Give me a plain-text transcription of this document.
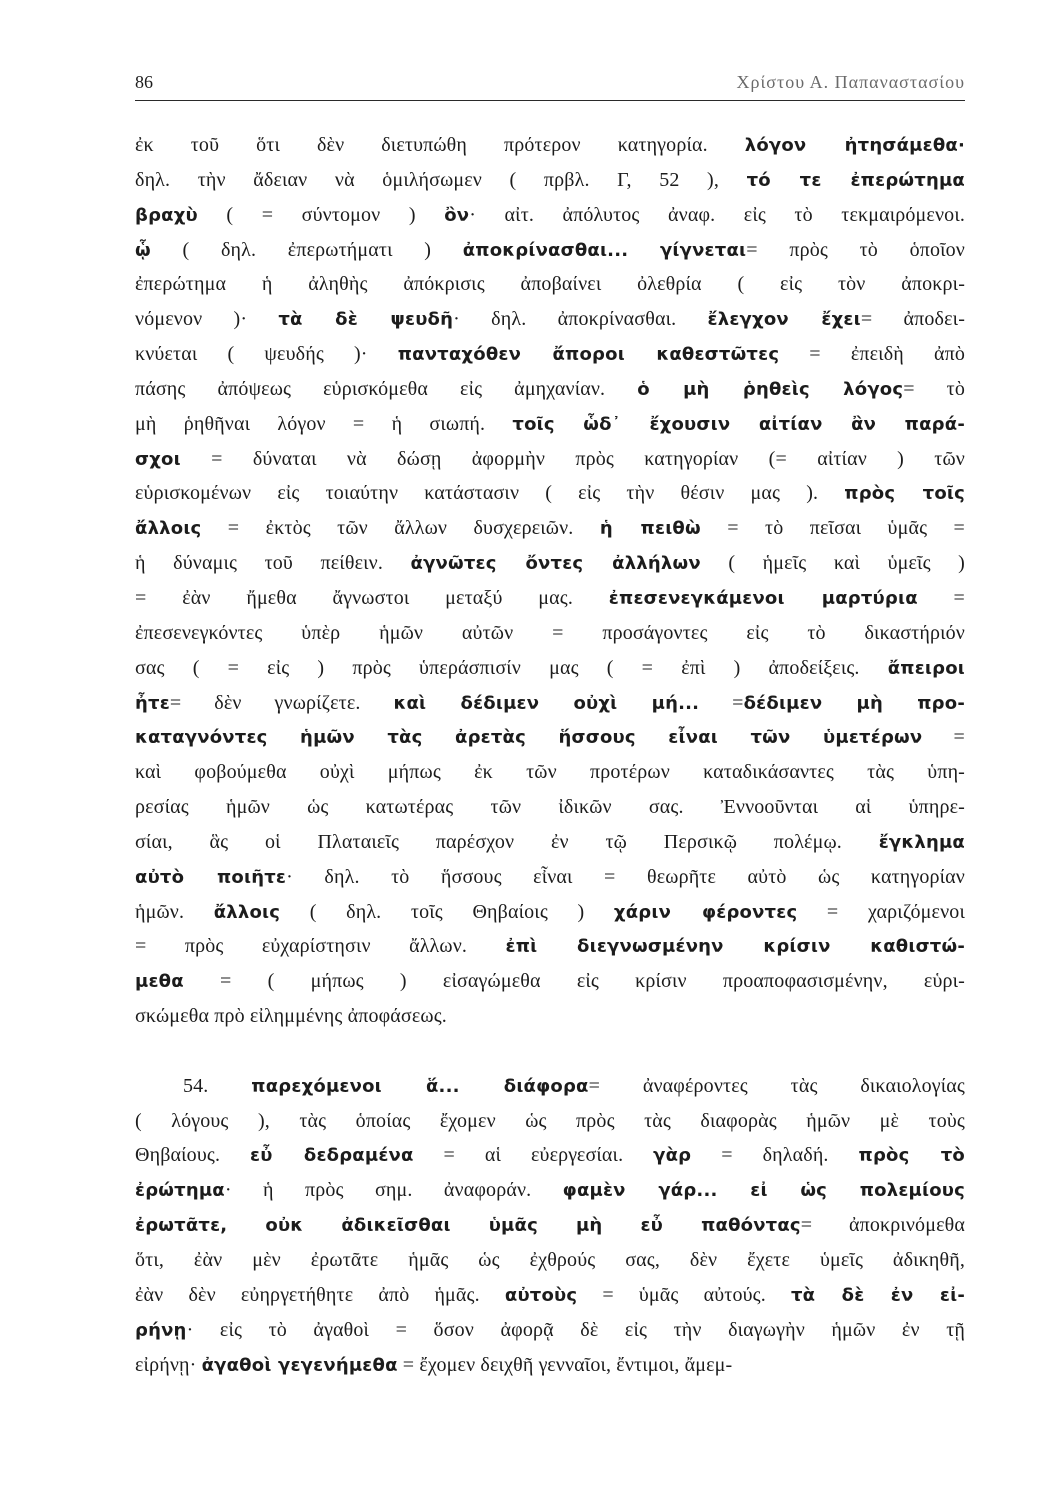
86	Χρίστου Α. Παπαναστασίου
ἐκ τοῦ ὅτι δὲν διετυπώθη πρότερον κατηγορία. λόγον ἠτησάμεθα·
δηλ. τὴν ἄδειαν νὰ ὁμιλήσωμεν ( πρβλ. Γ, 52 ), τό τε ἐπερώτημα
βραχὺ ( = σύντομον ) ὂν· αἰτ. ἀπόλυτος ἀναφ. εἰς τὸ τεκμαιρόμενοι.
ᾧ ( δηλ. ἐπερωτήματι ) ἀποκρίνασθαι... γίγνεται= πρὸς τὸ ὁποῖον
ἐπερώτημα ἡ ἀληθὴς ἀπόκρισις ἀποβαίνει ὀλεθρία ( εἰς τὸν ἀποκρι-
νόμενον )· τὰ δὲ ψευδῆ· δηλ. ἀποκρίνασθαι. ἔλεγχον ἔχει= ἀποδει-
κνύεται ( ψευδής )· πανταχόθεν ἄποροι καθεστῶτες = ἐπειδὴ ἀπὸ
πάσης ἀπόψεως εὑρισκόμεθα εἰς ἀμηχανίαν. ὁ μὴ ῥηθεὶς λόγος= τὸ
μὴ ῥηθῆναι λόγον = ἡ σιωπή. τοῖς ὧδ᾽ ἔχουσιν αἰτίαν ἂν παρά-
σχοι = δύναται νὰ δώσῃ ἀφορμὴν πρὸς κατηγορίαν (= αἰτίαν ) τῶν
εὑρισκομένων εἰς τοιαύτην κατάστασιν ( εἰς τὴν θέσιν μας ). πρὸς τοῖς
ἄλλοις = ἐκτὸς τῶν ἄλλων δυσχερειῶν. ἡ πειθὼ = τὸ πεῖσαι ὑμᾶς =
ἡ δύναμις τοῦ πείθειν. ἀγνῶτες ὄντες ἀλλήλων ( ἡμεῖς καὶ ὑμεῖς )
= ἐὰν ἤμεθα ἄγνωστοι μεταξύ μας. ἐπεσενεγκάμενοι μαρτύρια =
ἐπεσενεγκόντες ὑπὲρ ἡμῶν αὐτῶν = προσάγοντες εἰς τὸ δικαστήριόν
σας ( = εἰς ) πρὸς ὑπεράσπισίν μας ( = ἐπὶ ) ἀποδείξεις. ἄπειροι
ἦτε= δὲν γνωρίζετε. καὶ δέδιμεν οὐχὶ μή... =δέδιμεν μὴ προ-
καταγνόντες ἡμῶν τὰς ἀρετὰς ἥσσους εἶναι τῶν ὑμετέρων =
καὶ φοβούμεθα οὐχὶ μήπως ἐκ τῶν προτέρων καταδικάσαντες τὰς ὑπη-
ρεσίας ἡμῶν ὡς κατωτέρας τῶν ἰδικῶν σας. Ἐννοοῦνται αἱ ὑπηρε-
σίαι, ἃς οἱ Πλαταιεῖς παρέσχον ἐν τῷ Περσικῷ πολέμῳ. ἔγκλημα
αὐτὸ ποιῆτε· δηλ. τὸ ἥσσους εἶναι = θεωρῆτε αὐτὸ ὡς κατηγορίαν
ἡμῶν. ἄλλοις ( δηλ. τοῖς Θηβαίοις ) χάριν φέροντες = χαριζόμενοι
= πρὸς εὐχαρίστησιν ἄλλων. ἐπὶ διεγνωσμένην κρίσιν καθιστώ-
μεθα = ( μήπως ) εἰσαγώμεθα εἰς κρίσιν προαποφασισμένην, εὑρι-
σκώμεθα πρὸ εἰλημμένης ἀποφάσεως.
54. παρεχόμενοι ἅ... διάφορα= ἀναφέροντες τὰς δικαιολογίας
( λόγους ), τὰς ὁποίας ἔχομεν ὡς πρὸς τὰς διαφορὰς ἡμῶν μὲ τοὺς
Θηβαίους. εὖ δεδραμένα = αἱ εὐεργεσίαι. γὰρ = δηλαδή. πρὸς τὸ
ἐρώτημα· ἡ πρὸς σημ. ἀναφοράν. φαμὲν γάρ... εἰ ὡς πολεμίους
ἐρωτᾶτε, οὐκ ἀδικεῖσθαι ὑμᾶς μὴ εὖ παθόντας= ἀποκρινόμεθα
ὅτι, ἐὰν μὲν ἐρωτᾶτε ἡμᾶς ὡς ἐχθρούς σας, δὲν ἔχετε ὑμεῖς ἀδικηθῆ,
ἐὰν δὲν εὐηργετήθητε ἀπὸ ἡμᾶς. αὐτοὺς = ὑμᾶς αὐτούς. τὰ δὲ ἐν εἰ-
ρήνῃ· εἰς τὸ ἀγαθοὶ = ὅσον ἀφορᾷ δὲ εἰς τὴν διαγωγὴν ἡμῶν ἐν τῇ
εἰρήνῃ· ἀγαθοὶ γεγενήμεθα = ἔχομεν δειχθῆ γενναῖοι, ἔντιμοι, ἄμεμ-
